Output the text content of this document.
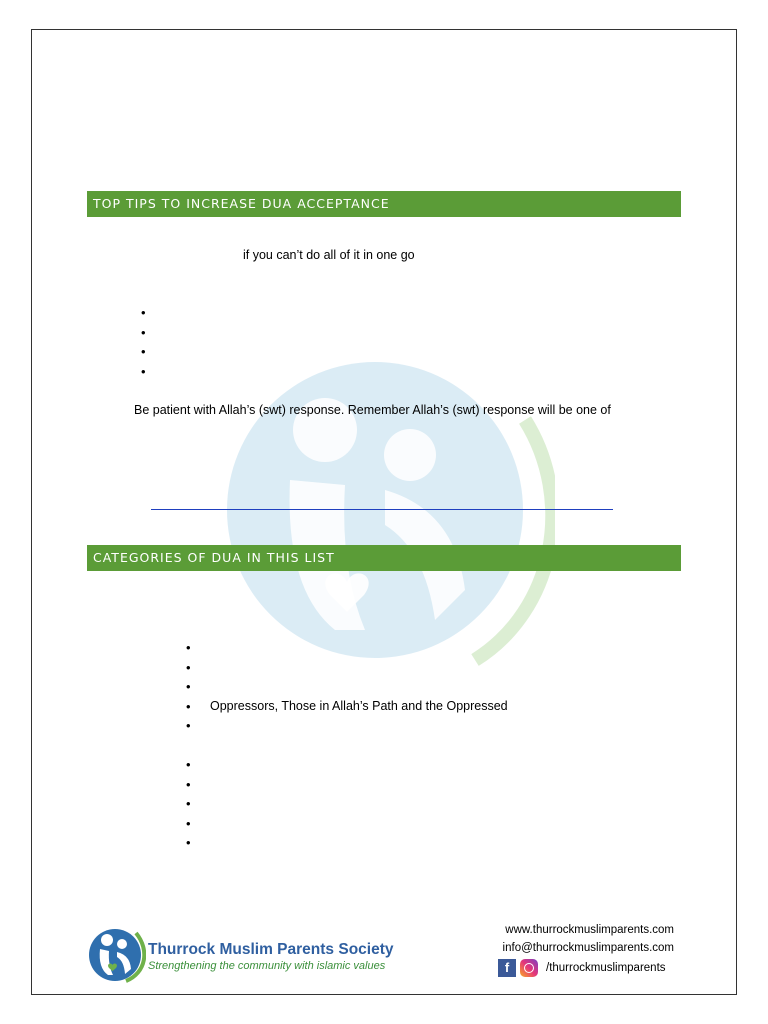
TOP TIPS TO INCREASE DUA ACCEPTANCE
if you can’t do all of it in one go
•
•
•
•
Be patient with Allah’s (swt) response. Remember Allah’s (swt) response will be one of
CATEGORIES OF DUA IN THIS LIST
•
•
•
• Oppressors, Those in Allah’s Path and the Oppressed
•
•
•
•
•
•
Thurrock Muslim Parents Society
Strengthening the community with islamic values
www.thurrockmuslimparents.com
info@thurrockmuslimparents.com
f	/thurrockmuslimparents
